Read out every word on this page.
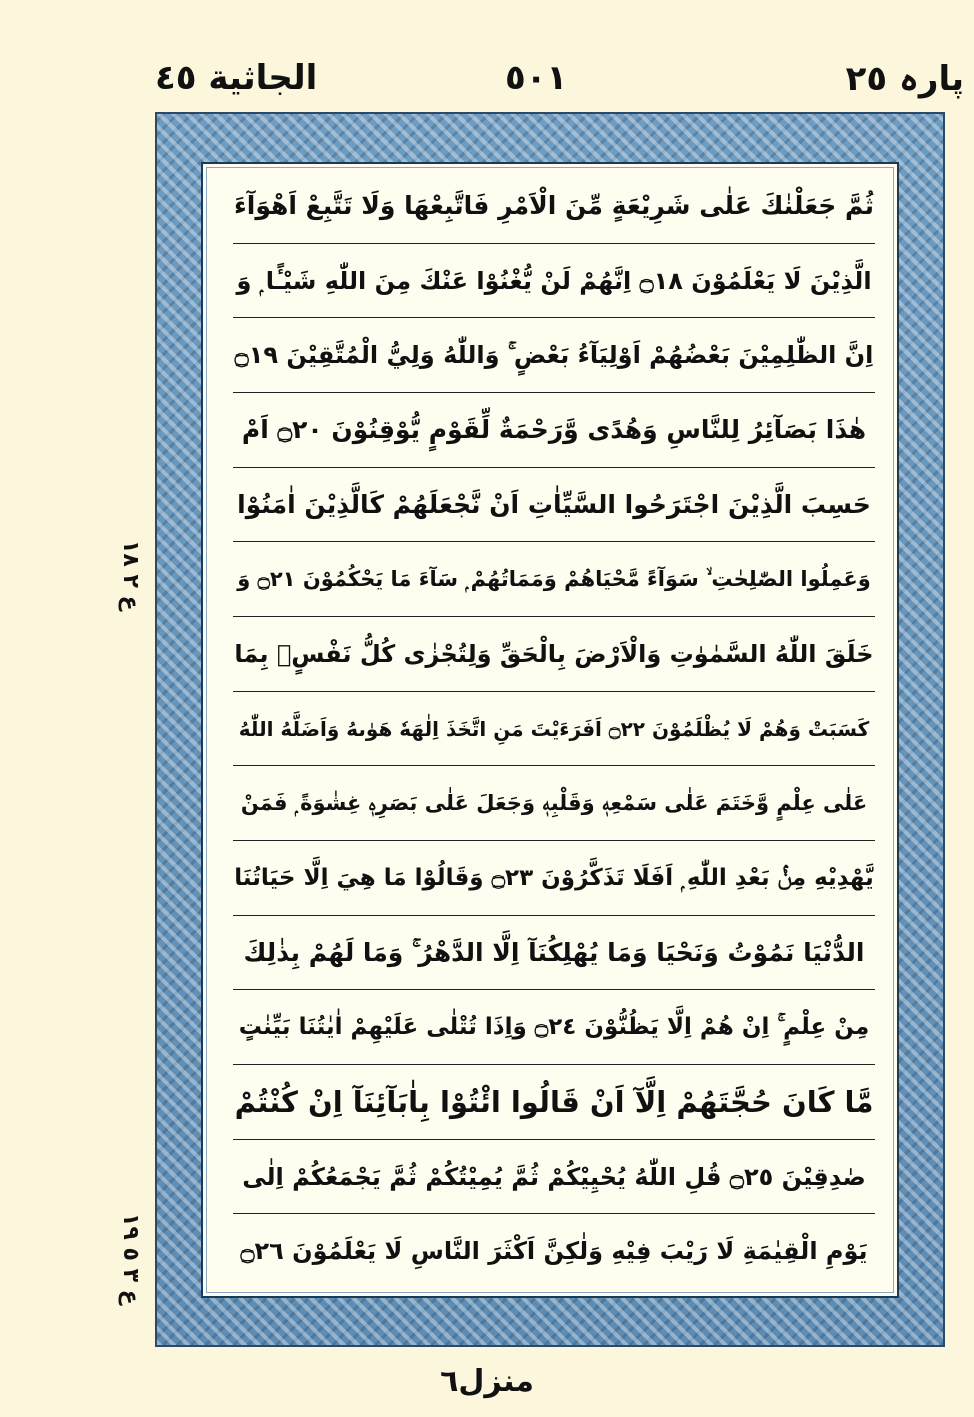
الجاثية ٤٥	٥٠١	پارہ ٢٥
ع ٢ ١٨
ع ٣ ٥ ١٩
ثُمَّ جَعَلْنٰكَ عَلٰى شَرِيْعَةٍ مِّنَ الْاَمْرِ فَاتَّبِعْهَا وَلَا تَتَّبِعْ اَهْوَآءَ
الَّذِيْنَ لَا يَعْلَمُوْنَ ۝١٨ اِنَّهُمْ لَنْ يُّغْنُوْا عَنْكَ مِنَ اللّٰهِ شَيْـًٔا ۭ وَ
اِنَّ الظّٰلِمِيْنَ بَعْضُهُمْ اَوْلِيَآءُ بَعْضٍ ۚ وَاللّٰهُ وَلِيُّ الْمُتَّقِيْنَ ۝١٩
هٰذَا بَصَآئِرُ لِلنَّاسِ وَهُدًى وَّرَحْمَةٌ لِّقَوْمٍ يُّوْقِنُوْنَ ۝٢٠ اَمْ
حَسِبَ الَّذِيْنَ اجْتَرَحُوا السَّيِّاٰتِ اَنْ نَّجْعَلَهُمْ كَالَّذِيْنَ اٰمَنُوْا
وَعَمِلُوا الصّٰلِحٰتِ ۙ سَوَآءً مَّحْيَاهُمْ وَمَمَاتُهُمْ ۭ سَآءَ مَا يَحْكُمُوْنَ ۝٢١ وَ
خَلَقَ اللّٰهُ السَّمٰوٰتِ وَالْاَرْضَ بِالْحَقِّ وَلِتُجْزٰى كُلُّ نَفْسٍۢ بِمَا
كَسَبَتْ وَهُمْ لَا يُظْلَمُوْنَ ۝٢٢ اَفَرَءَيْتَ مَنِ اتَّخَذَ اِلٰهَهٗ هَوٰىهُ وَاَضَلَّهُ اللّٰهُ
عَلٰى عِلْمٍ وَّخَتَمَ عَلٰى سَمْعِهٖ وَقَلْبِهٖ وَجَعَلَ عَلٰى بَصَرِهٖ غِشٰوَةً ۭ فَمَنْ
يَّهْدِيْهِ مِنْۢ بَعْدِ اللّٰهِ ۭ اَفَلَا تَذَكَّرُوْنَ ۝٢٣ وَقَالُوْا مَا هِيَ اِلَّا حَيَاتُنَا
الدُّنْيَا نَمُوْتُ وَنَحْيَا وَمَا يُهْلِكُنَآ اِلَّا الدَّهْرُ ۚ وَمَا لَهُمْ بِذٰلِكَ
مِنْ عِلْمٍ ۚ اِنْ هُمْ اِلَّا يَظُنُّوْنَ ۝٢٤ وَاِذَا تُتْلٰى عَلَيْهِمْ اٰيٰتُنَا بَيِّنٰتٍ
مَّا كَانَ حُجَّتَهُمْ اِلَّآ اَنْ قَالُوا ائْتُوْا بِاٰبَآئِنَآ اِنْ كُنْتُمْ
صٰدِقِيْنَ ۝٢٥ قُلِ اللّٰهُ يُحْيِيْكُمْ ثُمَّ يُمِيْتُكُمْ ثُمَّ يَجْمَعُكُمْ اِلٰى
يَوْمِ الْقِيٰمَةِ لَا رَيْبَ فِيْهِ وَلٰكِنَّ اَكْثَرَ النَّاسِ لَا يَعْلَمُوْنَ ۝٢٦
منزل٦
